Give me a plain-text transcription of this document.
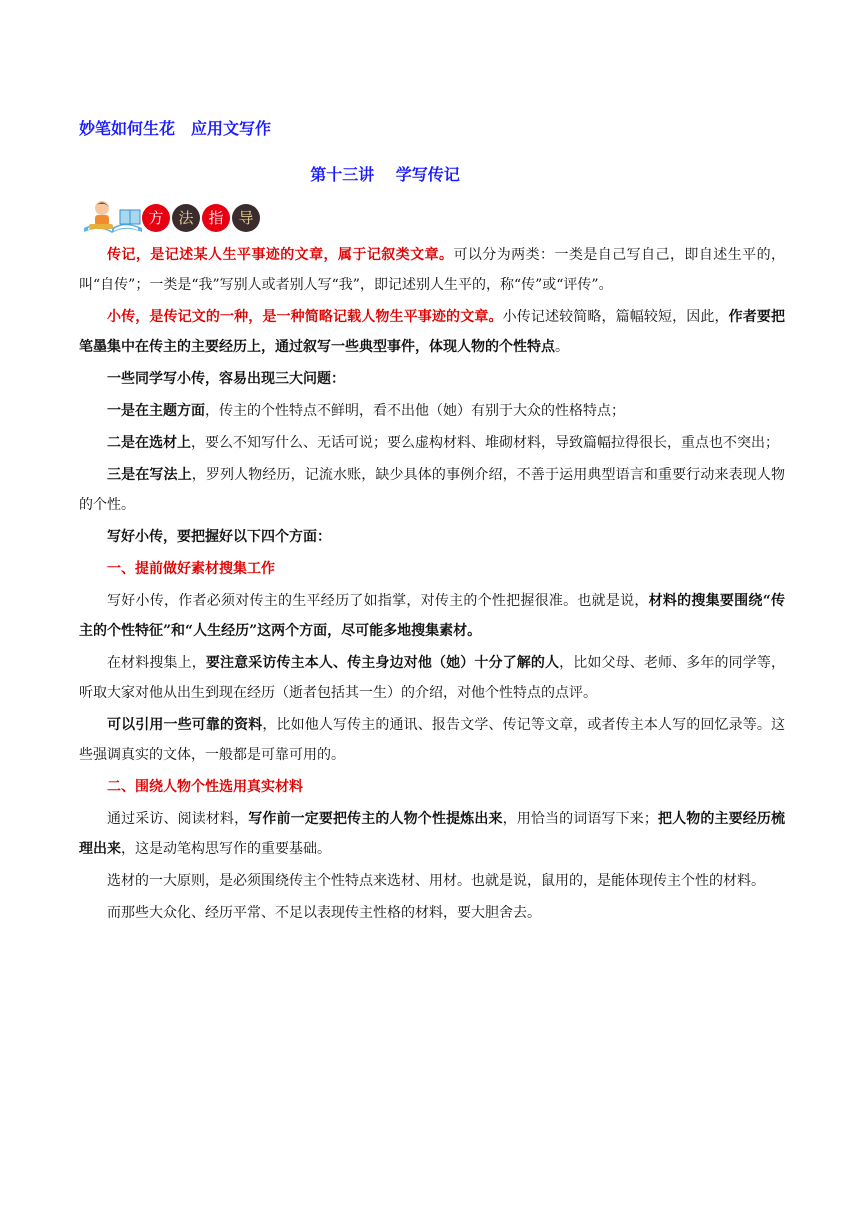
妙笔如何生花　应用文写作
第十三讲　 学写传记
方 法 指 导

传记，是记述某人生平事迹的文章，属于记叙类文章。可以分为两类：一类是自己写自己，即自述生平的，叫“自传”；一类是“我”写别人或者别人写“我”，即记述别人生平的，称“传”或“评传”。

小传，是传记文的一种，是一种简略记载人物生平事迹的文章。小传记述较简略，篇幅较短，因此，作者要把笔墨集中在传主的主要经历上，通过叙写一些典型事件，体现人物的个性特点。

一些同学写小传，容易出现三大问题：

一是在主题方面，传主的个性特点不鲜明，看不出他（她）有别于大众的性格特点；

二是在选材上，要么不知写什么、无话可说；要么虚构材料、堆砌材料，导致篇幅拉得很长，重点也不突出；

三是在写法上，罗列人物经历，记流水账，缺少具体的事例介绍，不善于运用典型语言和重要行动来表现人物的个性。

写好小传，要把握好以下四个方面：

一、提前做好素材搜集工作

写好小传，作者必须对传主的生平经历了如指掌，对传主的个性把握很准。也就是说，材料的搜集要围绕“传主的个性特征”和“人生经历”这两个方面，尽可能多地搜集素材。

在材料搜集上，要注意采访传主本人、传主身边对他（她）十分了解的人，比如父母、老师、多年的同学等，听取大家对他从出生到现在经历（逝者包括其一生）的介绍，对他个性特点的点评。

可以引用一些可靠的资料，比如他人写传主的通讯、报告文学、传记等文章，或者传主本人写的回忆录等。这些强调真实的文体，一般都是可靠可用的。

二、围绕人物个性选用真实材料

通过采访、阅读材料，写作前一定要把传主的人物个性提炼出来，用恰当的词语写下来；把人物的主要经历梳理出来，这是动笔构思写作的重要基础。

选材的一大原则，是必须围绕传主个性特点来选材、用材。也就是说，鼠用的，是能体现传主个性的材料。

而那些大众化、经历平常、不足以表现传主性格的材料，要大胆舍去。
